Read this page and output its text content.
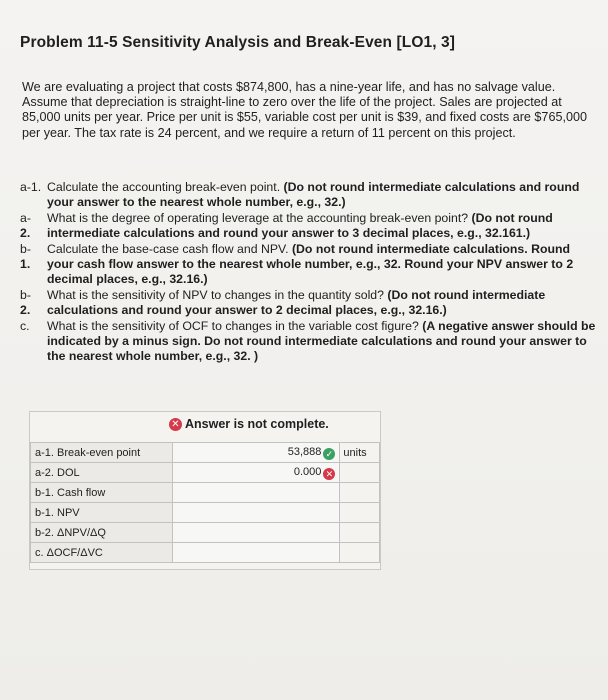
Problem 11-5 Sensitivity Analysis and Break-Even [LO1, 3]
We are evaluating a project that costs $874,800, has a nine-year life, and has no salvage value. Assume that depreciation is straight-line to zero over the life of the project. Sales are projected at 85,000 units per year. Price per unit is $55, variable cost per unit is $39, and fixed costs are $765,000 per year. The tax rate is 24 percent, and we require a return of 11 percent on this project.
a-1. Calculate the accounting break-even point. (Do not round intermediate calculations and round your answer to the nearest whole number, e.g., 32.)
a-
2.
What is the degree of operating leverage at the accounting break-even point? (Do not round intermediate calculations and round your answer to 3 decimal places, e.g., 32.161.)
b-
1.
Calculate the base-case cash flow and NPV. (Do not round intermediate calculations. Round your cash flow answer to the nearest whole number, e.g., 32. Round your NPV answer to 2 decimal places, e.g., 32.16.)
b-
2.
What is the sensitivity of NPV to changes in the quantity sold? (Do not round intermediate calculations and round your answer to 2 decimal places, e.g., 32.16.)
c.	What is the sensitivity of OCF to changes in the variable cost figure? (A negative answer should be indicated by a minus sign. Do not round intermediate calculations and round your answer to the nearest whole number, e.g., 32. )
✕ Answer is not complete.
a-1. Break-even point	53,888 ✓	units
a-2. DOL	0.000 ✕	
b-1. Cash flow		
b-1. NPV		
b-2. ΔNPV/ΔQ		
c. ΔOCF/ΔVC		
